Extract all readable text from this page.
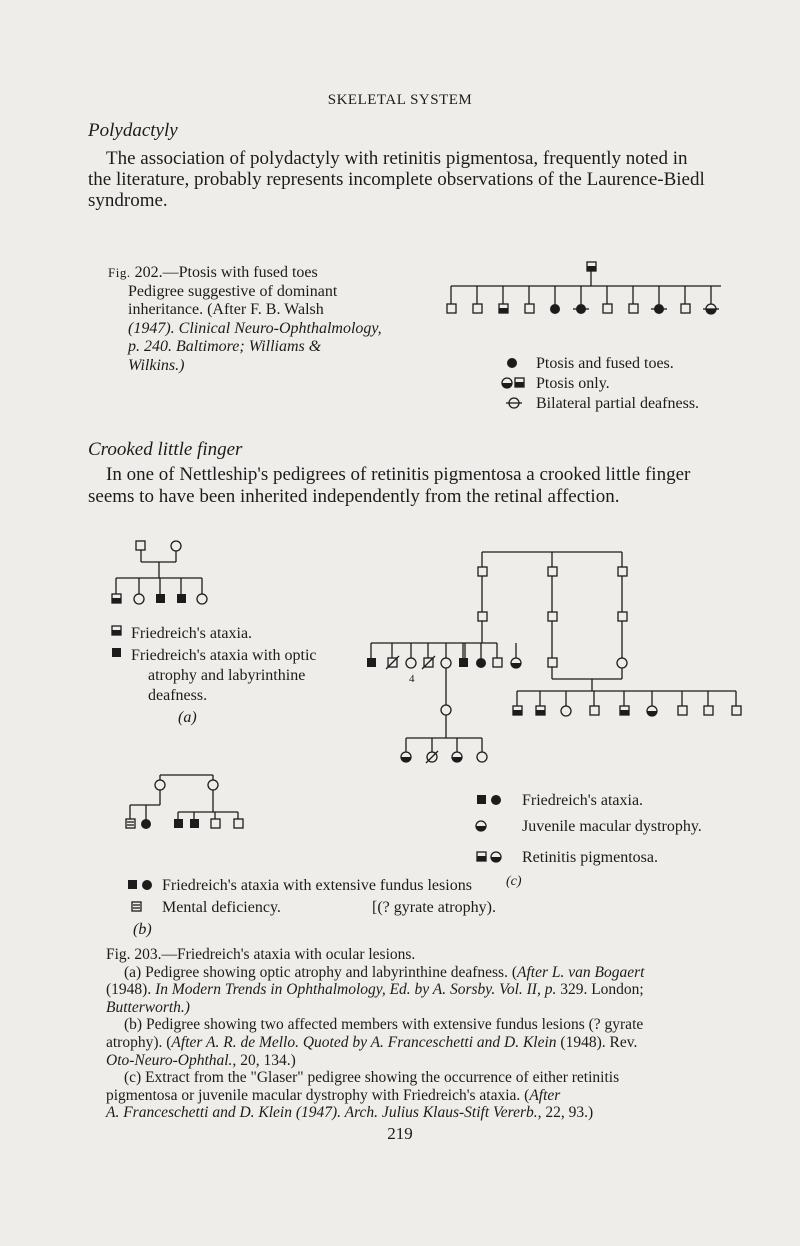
SKELETAL SYSTEM
Polydactyly
The association of polydactyly with retinitis pigmentosa, frequently noted in
the literature, probably represents incomplete observations of the Laurence-Biedl
syndrome.
Fig. 202.—Ptosis with fused toes
Pedigree suggestive of dominant
inheritance. (After F. B. Walsh
(1947). Clinical Neuro-Ophthalmology,
p. 240. Baltimore; Williams &
Wilkins.)	Ptosis and fused toes.
Ptosis only.
Bilateral partial deafness.
Crooked little finger
In one of Nettleship's pedigrees of retinitis pigmentosa a crooked little finger
seems to have been inherited independently from the retinal affection.
4
Friedreich's ataxia.
Friedreich's ataxia with optic
atrophy and labyrinthine
deafness.
(a)
Friedreich's ataxia.
Juvenile macular dystrophy.
Retinitis pigmentosa.
(c)
Friedreich's ataxia with extensive fundus lesions
Mental deficiency.	[(? gyrate atrophy).
(b)

Fig. 203.—Friedreich's ataxia with ocular lesions.

(a) Pedigree showing optic atrophy and labyrinthine deafness. (After L. van Bogaert

(1948). In Modern Trends in Ophthalmology, Ed. by A. Sorsby. Vol. II, p. 329. London;

Butterworth.)

(b) Pedigree showing two affected members with extensive fundus lesions (? gyrate

atrophy). (After A. R. de Mello. Quoted by A. Franceschetti and D. Klein (1948). Rev.

Oto-Neuro-Ophthal., 20, 134.)

(c) Extract from the "Glaser" pedigree showing the occurrence of either retinitis

pigmentosa or juvenile macular dystrophy with Friedreich's ataxia. (After

A. Franceschetti and D. Klein (1947). Arch. Julius Klaus-Stift Vererb., 22, 93.)

219
